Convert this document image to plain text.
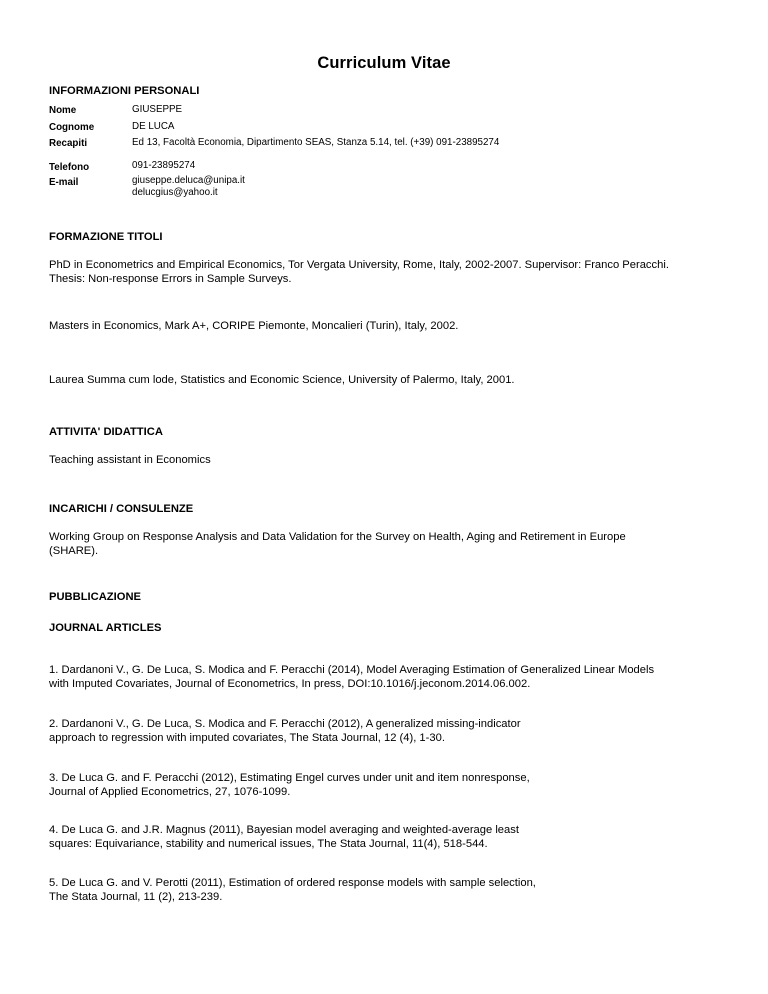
Curriculum Vitae
INFORMAZIONI PERSONALI
Nome	GIUSEPPE
Cognome	DE LUCA
Recapiti	Ed 13, Facoltà Economia, Dipartimento SEAS, Stanza 5.14, tel. (+39) 091-23895274
Telefono	091-23895274
E-mail	giuseppe.deluca@unipa.it
delucgius@yahoo.it
FORMAZIONE TITOLI
PhD in Econometrics and Empirical Economics, Tor Vergata University, Rome, Italy, 2002-2007. Supervisor: Franco Peracchi.
Thesis: Non-response Errors in Sample Surveys.
Masters in Economics, Mark A+, CORIPE Piemonte, Moncalieri (Turin), Italy, 2002.
Laurea Summa cum lode, Statistics and Economic Science, University of Palermo, Italy, 2001.
ATTIVITA' DIDATTICA
Teaching assistant in Economics
INCARICHI / CONSULENZE
Working Group on Response Analysis and Data Validation for the Survey on Health, Aging and Retirement in Europe
(SHARE).
PUBBLICAZIONE
JOURNAL ARTICLES
1. Dardanoni V., G. De Luca, S. Modica and F. Peracchi (2014), Model Averaging Estimation of Generalized Linear Models
with Imputed Covariates, Journal of Econometrics, In press, DOI:10.1016/j.jeconom.2014.06.002.
2. Dardanoni V., G. De Luca, S. Modica and F. Peracchi (2012), A generalized missing-indicator
approach to regression with imputed covariates, The Stata Journal, 12 (4), 1-30.
3. De Luca G. and F. Peracchi (2012), Estimating Engel curves under unit and item nonresponse,
Journal of Applied Econometrics, 27, 1076-1099.
4. De Luca G. and J.R. Magnus (2011), Bayesian model averaging and weighted-average least
squares: Equivariance, stability and numerical issues, The Stata Journal, 11(4), 518-544.
5. De Luca G. and V. Perotti (2011), Estimation of ordered response models with sample selection,
The Stata Journal, 11 (2), 213-239.
